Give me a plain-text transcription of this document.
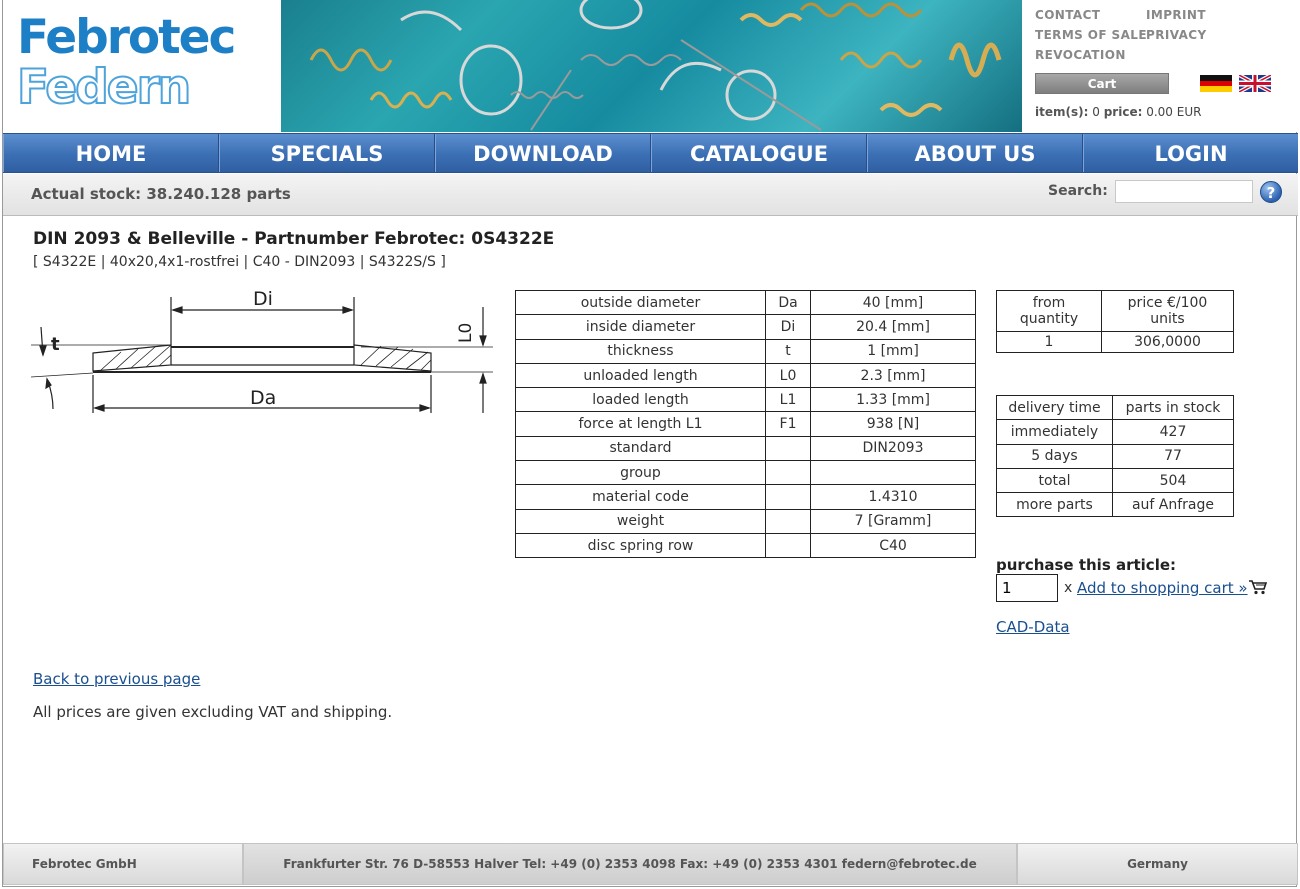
Febrotec
Federn
CONTACT	IMPRINT
TERMS OF SALE PRIVACY
REVOCATION
Cart
item(s): 0 price: 0.00 EUR
HOME	SPECIALS	DOWNLOAD	CATALOGUE	ABOUT US	LOGIN
Actual stock: 38.240.128 parts	Search:	?
DIN 2093 & Belleville - Partnumber Febrotec: 0S4322E
[ S4322E | 40x20,4x1-rostfrei | C40 - DIN2093 | S4322S/S ]
Di
Da
t
L0
outside diameter	Da	40 [mm]
inside diameter	Di	20.4 [mm]
thickness	t	1 [mm]
unloaded length	L0	2.3 [mm]
loaded length	L1	1.33 [mm]
force at length L1	F1	938 [N]
standard		DIN2093
group		
material code		1.4310
weight		7 [Gramm]
disc spring row		C40
from quantity	price €/100 units
1	306,0000
delivery time	parts in stock
immediately	427
5 days	77
total	504
more parts	auf Anfrage
purchase this article:
1
x Add to shopping cart »
CAD-Data
Back to previous page
All prices are given excluding VAT and shipping.
Febrotec GmbH	Frankfurter Str. 76 D-58553 Halver Tel: +49 (0) 2353 4098 Fax: +49 (0) 2353 4301 federn@febrotec.de	Germany
